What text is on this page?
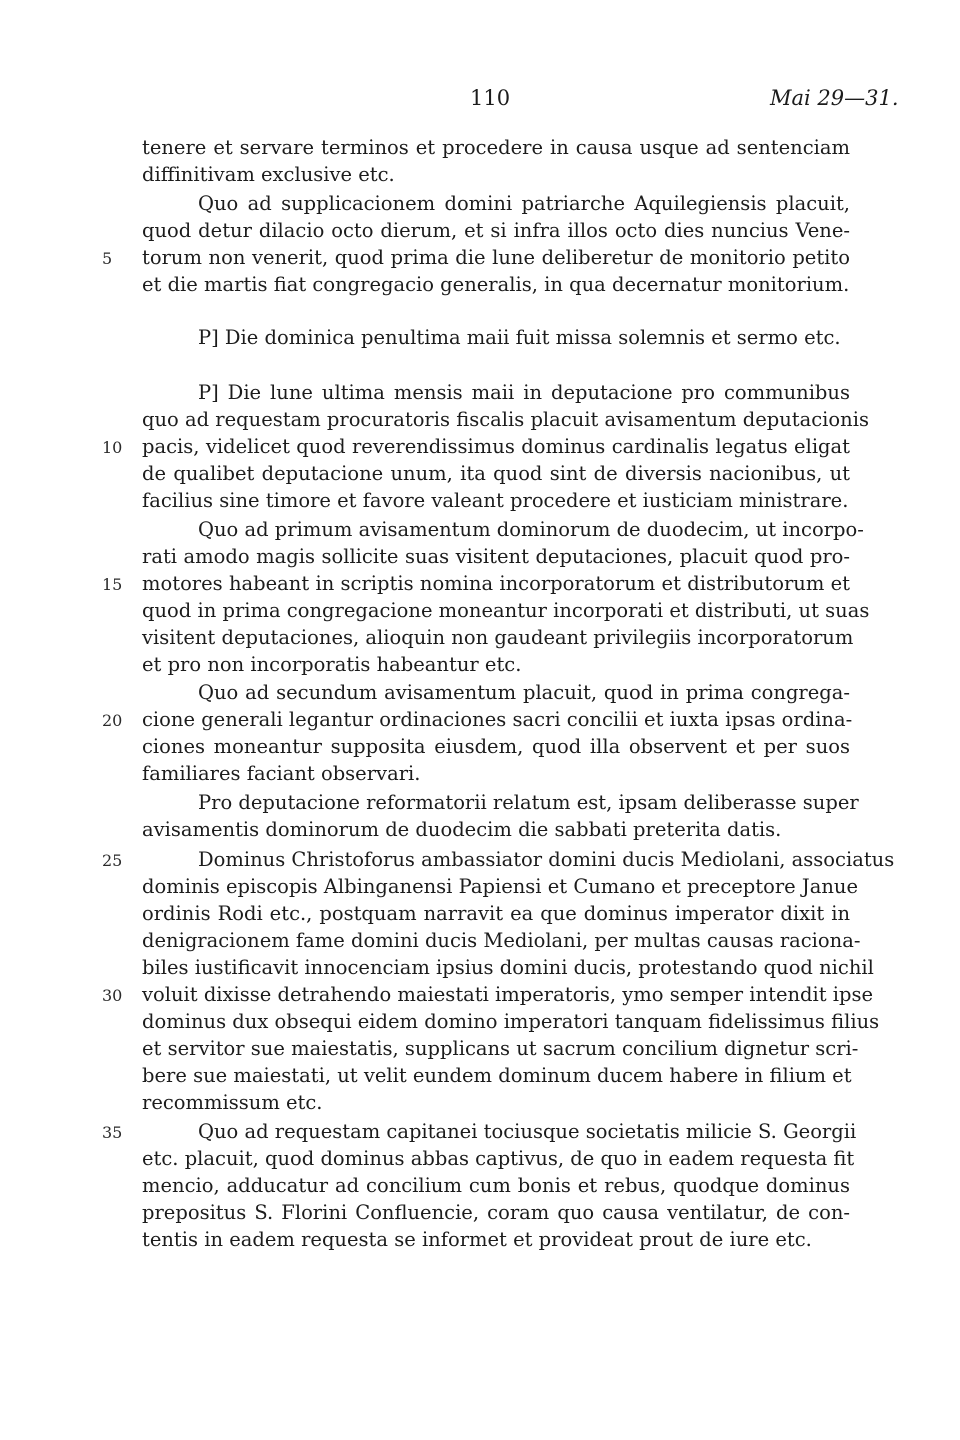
110	Mai 29—31.
tenere et servare terminos et procedere in causa usque ad sentenciam
diffinitivam exclusive etc.
Quo ad supplicacionem domini patriarche Aquilegiensis placuit,
quod detur dilacio octo dierum, et si infra illos octo dies nuncius Vene-
torum non venerit, quod prima die lune deliberetur de monitorio petito
5
et die martis fiat congregacio generalis, in qua decernatur monitorium.
P] Die dominica penultima maii fuit missa solemnis et sermo etc.
P] Die lune ultima mensis maii in deputacione pro communibus
quo ad requestam procuratoris fiscalis placuit avisamentum deputacionis
pacis, videlicet quod reverendissimus dominus cardinalis legatus eligat
10
de qualibet deputacione unum, ita quod sint de diversis nacionibus, ut
facilius sine timore et favore valeant procedere et iusticiam ministrare.
Quo ad primum avisamentum dominorum de duodecim, ut incorpo-
rati amodo magis sollicite suas visitent deputaciones, placuit quod pro-
motores habeant in scriptis nomina incorporatorum et distributorum et
15
quod in prima congregacione moneantur incorporati et distributi, ut suas
visitent deputaciones, alioquin non gaudeant privilegiis incorporatorum
et pro non incorporatis habeantur etc.
Quo ad secundum avisamentum placuit, quod in prima congrega-
cione generali legantur ordinaciones sacri concilii et iuxta ipsas ordina-
20
ciones moneantur supposita eiusdem, quod illa observent et per suos
familiares faciant observari.
Pro deputacione reformatorii relatum est, ipsam deliberasse super
avisamentis dominorum de duodecim die sabbati preterita datis.
Dominus Christoforus ambassiator domini ducis Mediolani, associatus
25
dominis episcopis Albinganensi Papiensi et Cumano et preceptore Janue
ordinis Rodi etc., postquam narravit ea que dominus imperator dixit in
denigracionem fame domini ducis Mediolani, per multas causas raciona-
biles iustificavit innocenciam ipsius domini ducis, protestando quod nichil
voluit dixisse detrahendo maiestati imperatoris, ymo semper intendit ipse
30
dominus dux obsequi eidem domino imperatori tanquam fidelissimus filius
et servitor sue maiestatis, supplicans ut sacrum concilium dignetur scri-
bere sue maiestati, ut velit eundem dominum ducem habere in filium et
recommissum etc.
Quo ad requestam capitanei tociusque societatis milicie S. Georgii
35
etc. placuit, quod dominus abbas captivus, de quo in eadem requesta fit
mencio, adducatur ad concilium cum bonis et rebus, quodque dominus
prepositus S. Florini Confluencie, coram quo causa ventilatur, de con-
tentis in eadem requesta se informet et provideat prout de iure etc.
